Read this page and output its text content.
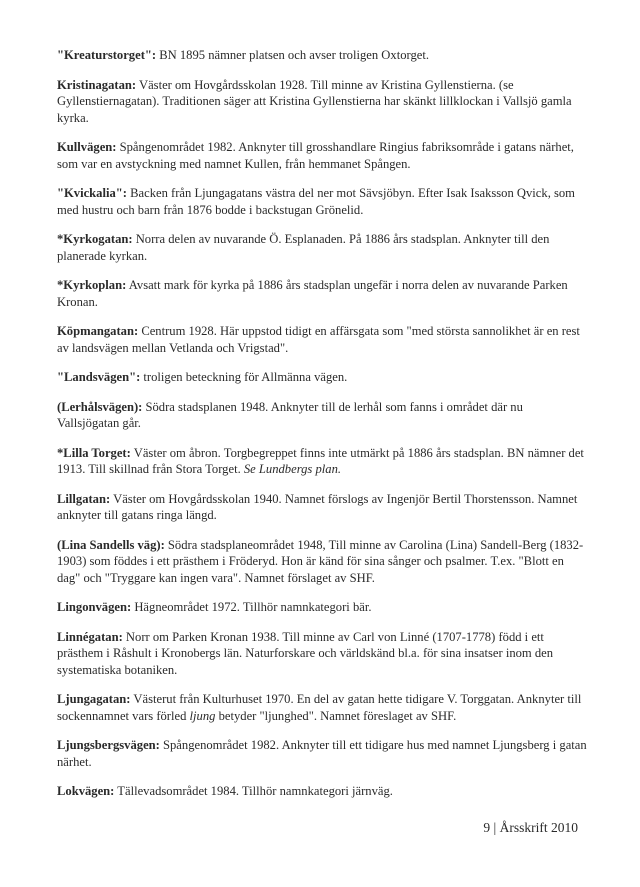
"Kreaturstorget": BN 1895 nämner platsen och avser troligen Oxtorget.

Kristinagatan: Väster om Hovgårdsskolan 1928. Till minne av Kristina Gyllenstierna. (se Gyllenstiernagatan). Traditionen säger att Kristina Gyllenstierna har skänkt lillklockan i Vallsjö gamla kyrka.

Kullvägen: Spångenområdet 1982. Anknyter till grosshandlare Ringius fabriksområde i gatans närhet, som var en avstyckning med namnet Kullen, från hemmanet Spången.

"Kvickalia": Backen från Ljungagatans västra del ner mot Sävsjöbyn. Efter Isak Isaksson Qvick, som med hustru och barn från 1876 bodde i backstugan Grönelid.

*Kyrkogatan: Norra delen av nuvarande Ö. Esplanaden. På 1886 års stadsplan. Anknyter till den planerade kyrkan.

*Kyrkoplan: Avsatt mark för kyrka på 1886 års stadsplan ungefär i norra delen av nuvarande Parken Kronan.

Köpmangatan: Centrum 1928. Här uppstod tidigt en affärsgata som "med största sannolikhet är en rest av landsvägen mellan Vetlanda och Vrigstad".

"Landsvägen": troligen beteckning för Allmänna vägen.

(Lerhålsvägen): Södra stadsplanen 1948. Anknyter till de lerhål som fanns i området där nu Vallsjögatan går.

*Lilla Torget: Väster om åbron. Torgbegreppet finns inte utmärkt på 1886 års stadsplan. BN nämner det 1913. Till skillnad från Stora Torget. Se Lundbergs plan.

Lillgatan: Väster om Hovgårdsskolan 1940. Namnet förslogs av Ingenjör Bertil Thorstensson. Namnet anknyter till gatans ringa längd.

(Lina Sandells väg): Södra stadsplaneområdet 1948, Till minne av Carolina (Lina) Sandell-Berg (1832-1903) som föddes i ett prästhem i Fröderyd. Hon är känd för sina sånger och psalmer. T.ex. "Blott en dag" och "Tryggare kan ingen vara". Namnet förslaget av SHF.

Lingonvägen: Hägneområdet 1972. Tillhör namnkategori bär.

Linnégatan: Norr om Parken Kronan 1938. Till minne av Carl von Linné (1707-1778) född i ett prästhem i Råshult i Kronobergs län. Naturforskare och världskänd bl.a. för sina insatser inom den systematiska botaniken.

Ljungagatan: Västerut från Kulturhuset 1970. En del av gatan hette tidigare V. Torggatan. Anknyter till sockennamnet vars förled ljung betyder "ljunghed". Namnet föreslaget av SHF.

Ljungsbergsvägen: Spångenområdet 1982. Anknyter till ett tidigare hus med namnet Ljungsberg i gatan närhet.

Lokvägen: Tällevadsområdet 1984. Tillhör namnkategori järnväg.

9 | Årsskrift 2010
